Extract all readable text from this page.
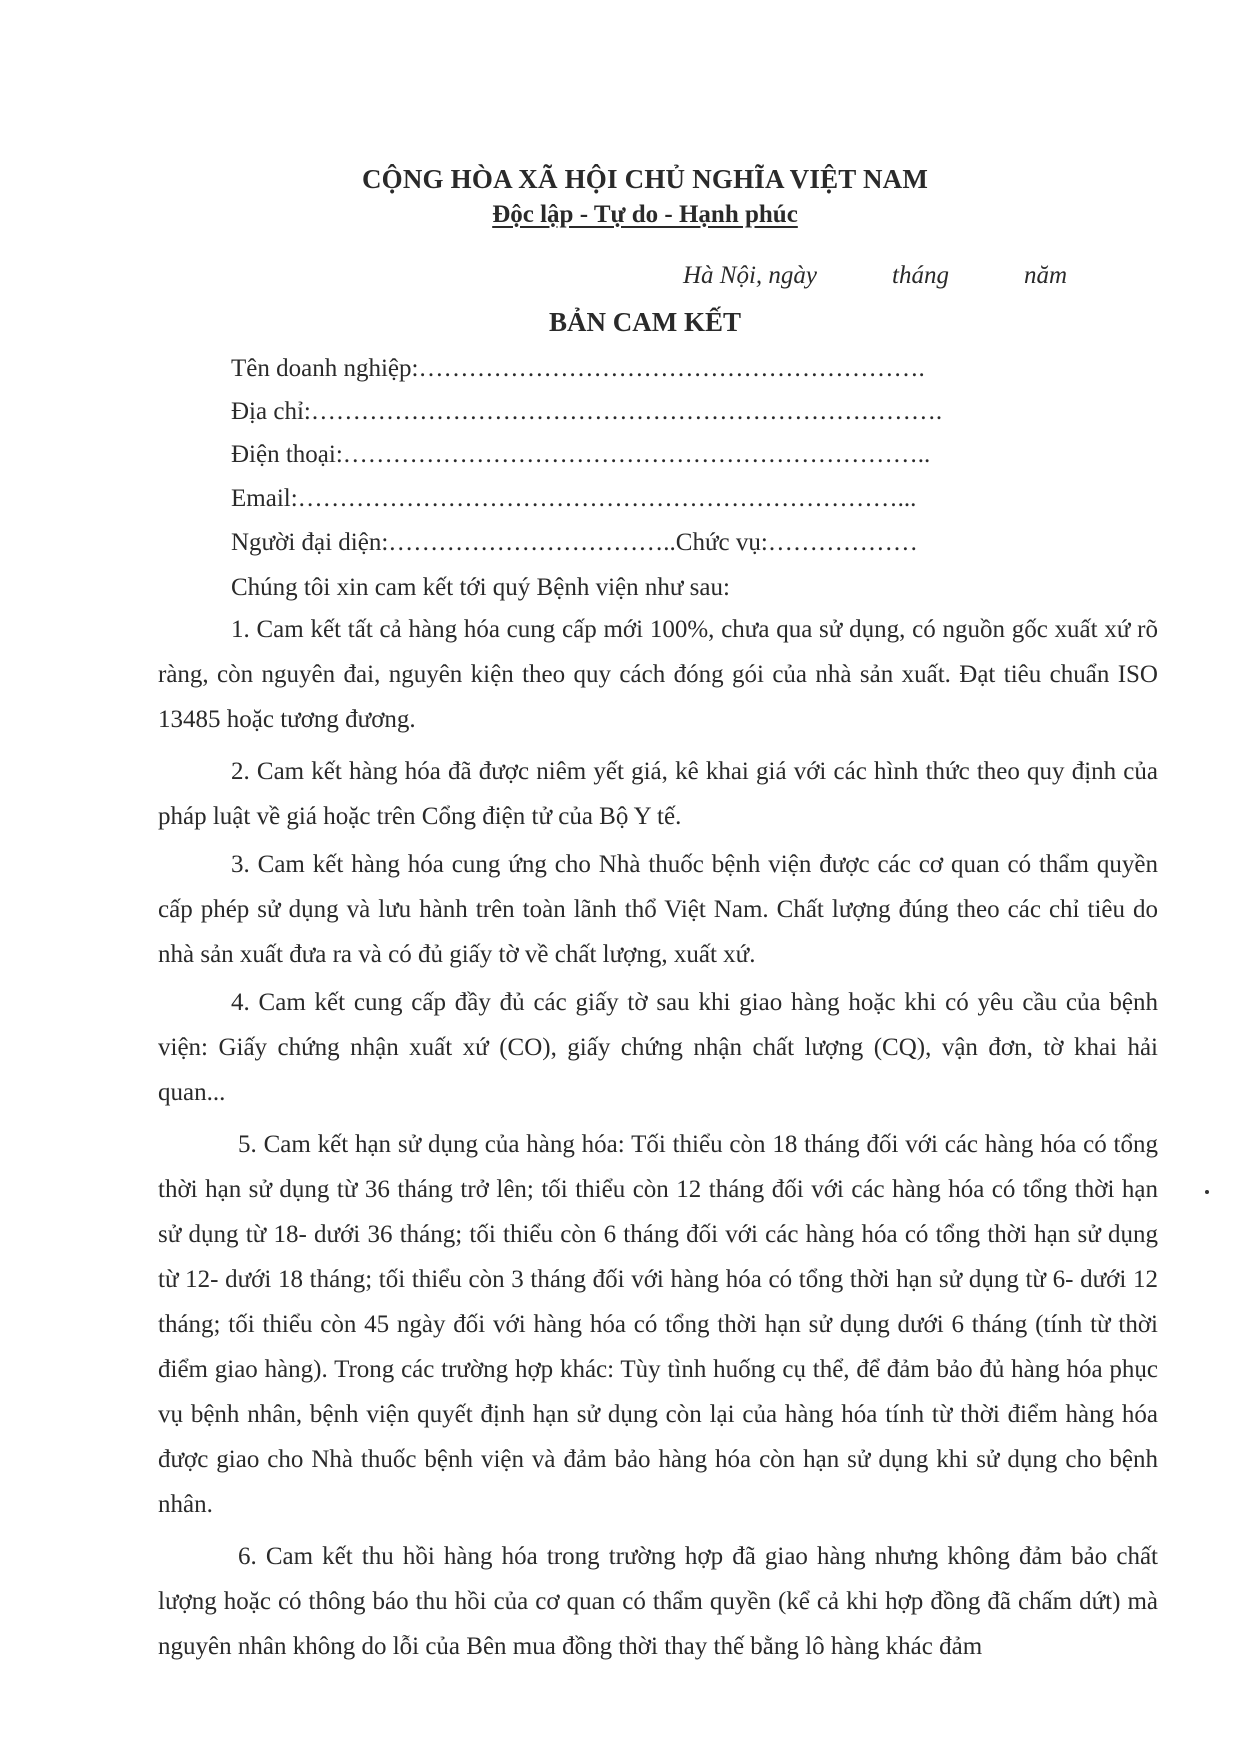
CỘNG HÒA XÃ HỘI CHỦ NGHĨA VIỆT NAM
Độc lập - Tự do - Hạnh phúc
Hà Nội, ngày	tháng	năm
BẢN CAM KẾT
Tên doanh nghiệp:…………………………………………………….
Địa chỉ:………………………………………………………………….
Điện thoại:……………………………………………………………..
Email:………………………………………………………………...
Người đại diện:……………………………..Chức vụ:………………
Chúng tôi xin cam kết tới quý Bệnh viện như sau:
1. Cam kết tất cả hàng hóa cung cấp mới 100%, chưa qua sử dụng, có nguồn gốc xuất xứ rõ ràng, còn nguyên đai, nguyên kiện theo quy cách đóng gói của nhà sản xuất. Đạt tiêu chuẩn ISO 13485 hoặc tương đương.
2. Cam kết hàng hóa đã được niêm yết giá, kê khai giá với các hình thức theo quy định của pháp luật về giá hoặc trên Cổng điện tử của Bộ Y tế.
3. Cam kết hàng hóa cung ứng cho Nhà thuốc bệnh viện được các cơ quan có thẩm quyền cấp phép sử dụng và lưu hành trên toàn lãnh thổ Việt Nam. Chất lượng đúng theo các chỉ tiêu do nhà sản xuất đưa ra và có đủ giấy tờ về chất lượng, xuất xứ.
4. Cam kết cung cấp đầy đủ các giấy tờ sau khi giao hàng hoặc khi có yêu cầu của bệnh viện: Giấy chứng nhận xuất xứ (CO), giấy chứng nhận chất lượng (CQ), vận đơn, tờ khai hải quan...
5. Cam kết hạn sử dụng của hàng hóa: Tối thiểu còn 18 tháng đối với các hàng hóa có tổng thời hạn sử dụng từ 36 tháng trở lên; tối thiểu còn 12 tháng đối với các hàng hóa có tổng thời hạn sử dụng từ 18- dưới 36 tháng; tối thiểu còn 6 tháng đối với các hàng hóa có tổng thời hạn sử dụng từ 12- dưới 18 tháng; tối thiểu còn 3 tháng đối với hàng hóa có tổng thời hạn sử dụng từ 6- dưới 12 tháng; tối thiểu còn 45 ngày đối với hàng hóa có tổng thời hạn sử dụng dưới 6 tháng (tính từ thời điểm giao hàng). Trong các trường hợp khác: Tùy tình huống cụ thể, để đảm bảo đủ hàng hóa phục vụ bệnh nhân, bệnh viện quyết định hạn sử dụng còn lại của hàng hóa tính từ thời điểm hàng hóa được giao cho Nhà thuốc bệnh viện và đảm bảo hàng hóa còn hạn sử dụng khi sử dụng cho bệnh nhân.
6. Cam kết thu hồi hàng hóa trong trường hợp đã giao hàng nhưng không đảm bảo chất lượng hoặc có thông báo thu hồi của cơ quan có thẩm quyền (kể cả khi hợp đồng đã chấm dứt) mà nguyên nhân không do lỗi của Bên mua đồng thời thay thế bằng lô hàng khác đảm
